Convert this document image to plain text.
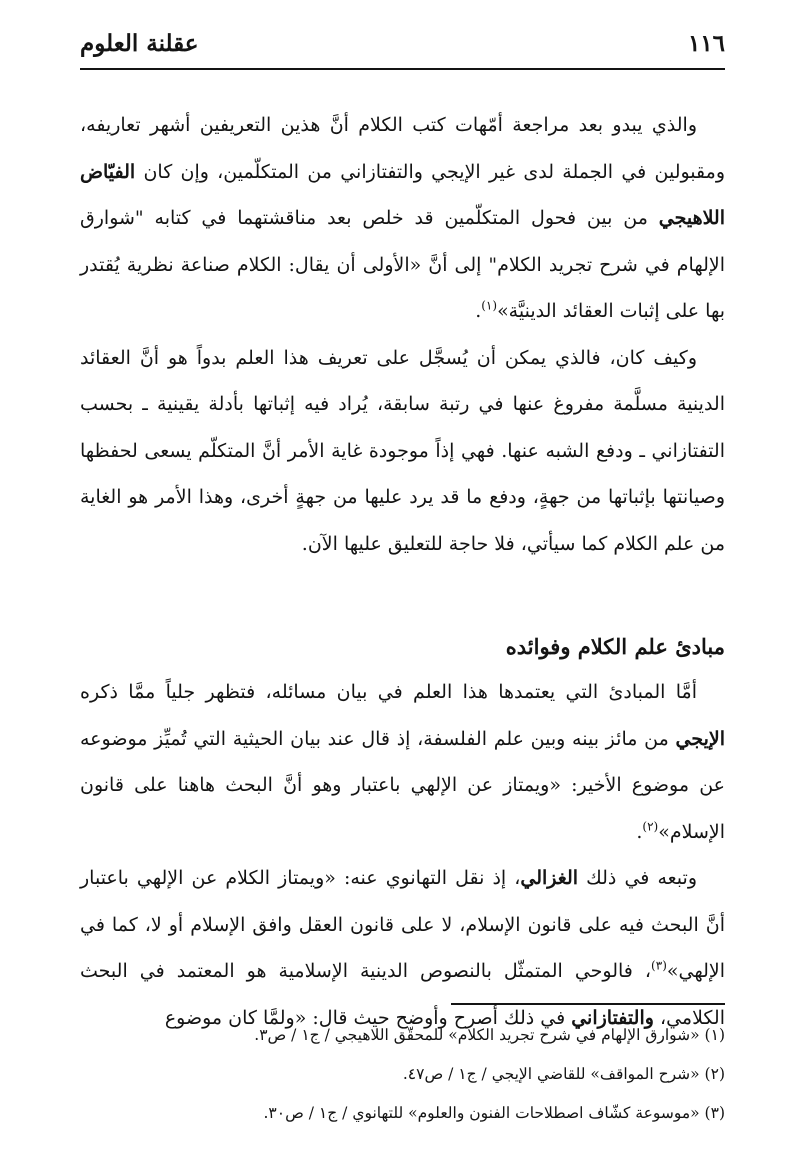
١١٦
عقلنة العلوم

والذي يبدو بعد مراجعة أمّهات كتب الكلام أنَّ هذين التعريفين أشهر تعاريفه، ومقبولين في الجملة لدى غير الإيجي والتفتازاني من المتكلّمين، وإن كان الفيّاض اللاهيجي من بين فحول المتكلّمين قد خلص بعد مناقشتهما في كتابه "شوارق الإلهام في شرح تجريد الكلام" إلى أنَّ «الأولى أن يقال: الكلام صناعة نظرية يُقتدر بها على إثبات العقائد الدينيَّة»$^{(١)}$.

وكيف كان، فالذي يمكن أن يُسجَّل على تعريف هذا العلم بدواً هو أنَّ العقائد الدينية مسلَّمة مفروغ عنها في رتبة سابقة، يُراد فيه إثباتها بأدلة يقينية ـ بحسب التفتازاني ـ ودفع الشبه عنها. فهي إذاً موجودة غاية الأمر أنَّ المتكلّم يسعى لحفظها وصيانتها بإثباتها من جهةٍ، ودفع ما قد يرد عليها من جهةٍ أخرى، وهذا الأمر هو الغاية من علم الكلام كما سيأتي، فلا حاجة للتعليق عليها الآن.

مبادئ علم الكلام وفوائده

أمَّا المبادئ التي يعتمدها هذا العلم في بيان مسائله، فتظهر جلياً ممَّا ذكره الإيجي من مائز بينه وبين علم الفلسفة، إذ قال عند بيان الحيثية التي تُميِّز موضوعه عن موضوع الأخير: «ويمتاز عن الإلهي باعتبار وهو أنَّ البحث هاهنا على قانون الإسلام»$^{(٢)}$.

وتبعه في ذلك الغزالي، إذ نقل التهانوي عنه: «ويمتاز الكلام عن الإلهي باعتبار أنَّ البحث فيه على قانون الإسلام، لا على قانون العقل وافق الإسلام أو لا، كما في الإلهي»$^{(٣)}$، فالوحي المتمثّل بالنصوص الدينية الإسلامية هو المعتمد في البحث الكلامي، والتفتازاني في ذلك أصرح وأوضح حيث قال: «ولمَّا كان موضوع

(١) «شوارق الإلهام في شرح تجريد الكلام» للمحقّق اللاهيجي / ج١ / ص٣.

(٢) «شرح المواقف» للقاضي الإيجي / ج١ / ص٤٧.

(٣) «موسوعة كشّاف اصطلاحات الفنون والعلوم» للتهانوي / ج١ / ص٣٠.
